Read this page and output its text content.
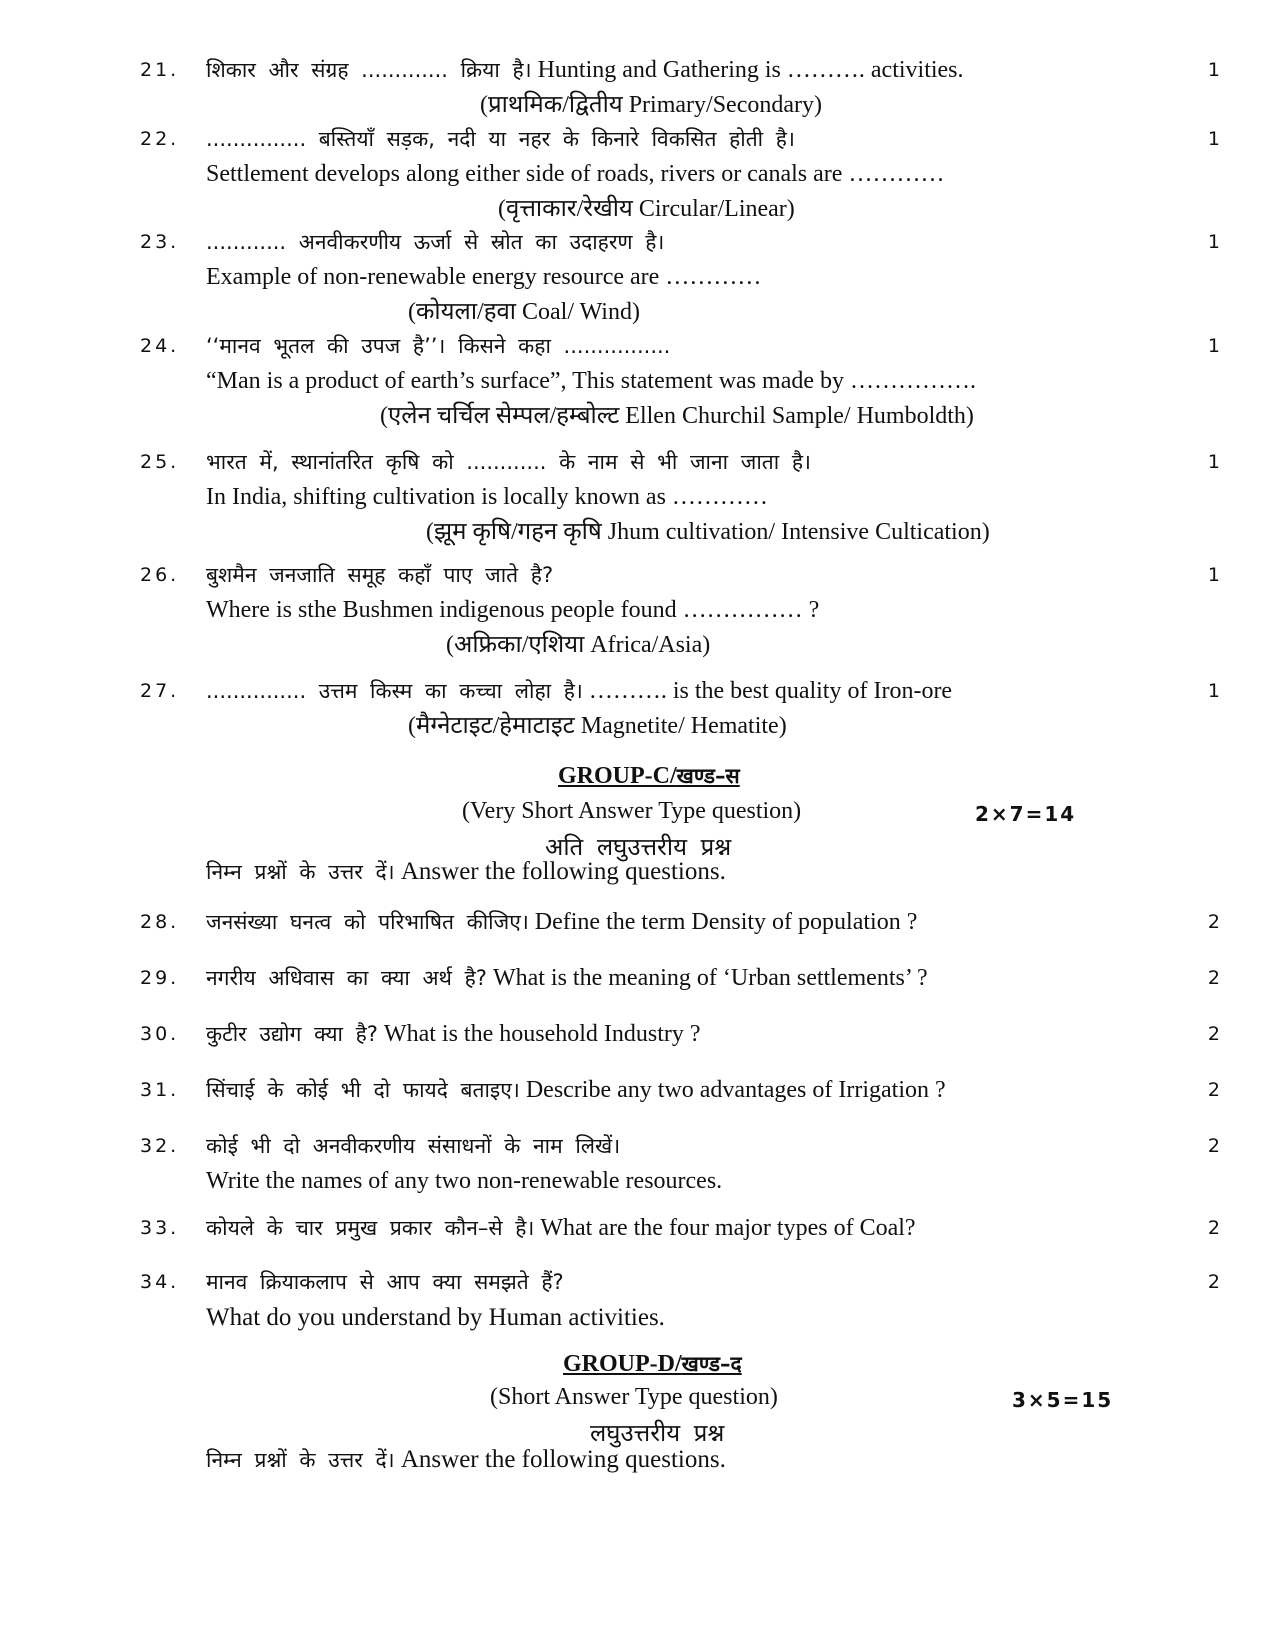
21.	शिकार और संग्रह ............. क्रिया है। Hunting and Gathering is ………. activities.	1
(प्राथमिक/द्वितीय Primary/Secondary)
22.	............... बस्तियाँ सड़क, नदी या नहर के किनारे विकसित होती है।	1
Settlement develops along either side of roads, rivers or canals are …………
(वृत्ताकार/रेखीय Circular/Linear)
23.	............ अनवीकरणीय ऊर्जा से स्रोत का उदाहरण है।	1
Example of non-renewable energy resource are …………
(कोयला/हवा Coal/ Wind)
24.	‘‘मानव भूतल की उपज है’’। किसने कहा ................	1
“Man is a product of earth’s surface”, This statement was made by …………….
(एलेन चर्चिल सेम्पल/हम्बोल्ट Ellen Churchil Sample/ Humboldth)
25.	भारत में, स्थानांतरित कृषि को ............ के नाम से भी जाना जाता है।	1
In India, shifting cultivation is locally known as …………
(झूम कृषि/गहन कृषि Jhum cultivation/ Intensive Cultication)
26.	बुशमैन जनजाति समूह कहाँ पाए जाते है?	1
Where is sthe Bushmen indigenous people found …………… ?
(अफ्रिका/एशिया Africa/Asia)
27.	............... उत्तम किस्म का कच्चा लोहा है। ………. is the best quality of Iron-ore	1
(मैग्नेटाइट/हेमाटाइट Magnetite/ Hematite)
GROUP-C/खण्ड–स
(Very Short Answer Type question)	2×7=14
अति लघुउत्तरीय प्रश्न
निम्न प्रश्नों के उत्तर दें। Answer the following questions.
28.	जनसंख्या घनत्व को परिभाषित कीजिए। Define the term Density of population ?	2
29.	नगरीय अधिवास का क्या अर्थ है? What is the meaning of ‘Urban settlements’ ?	2
30.	कुटीर उद्योग क्या है? What is the household Industry ?	2
31.	सिंचाई के कोई भी दो फायदे बताइए। Describe any two advantages of Irrigation ?	2
32.	कोई भी दो अनवीकरणीय संसाधनों के नाम लिखें।	2
Write the names of any two non-renewable resources.
33.	कोयले के चार प्रमुख प्रकार कौन–से है। What are the four major types of Coal?	2
34.	मानव क्रियाकलाप से आप क्या समझते हैं?	2
What do you understand by Human activities.
GROUP-D/खण्ड–द
(Short Answer Type question)	3×5=15
लघुउत्तरीय प्रश्न
निम्न प्रश्नों के उत्तर दें। Answer the following questions.
